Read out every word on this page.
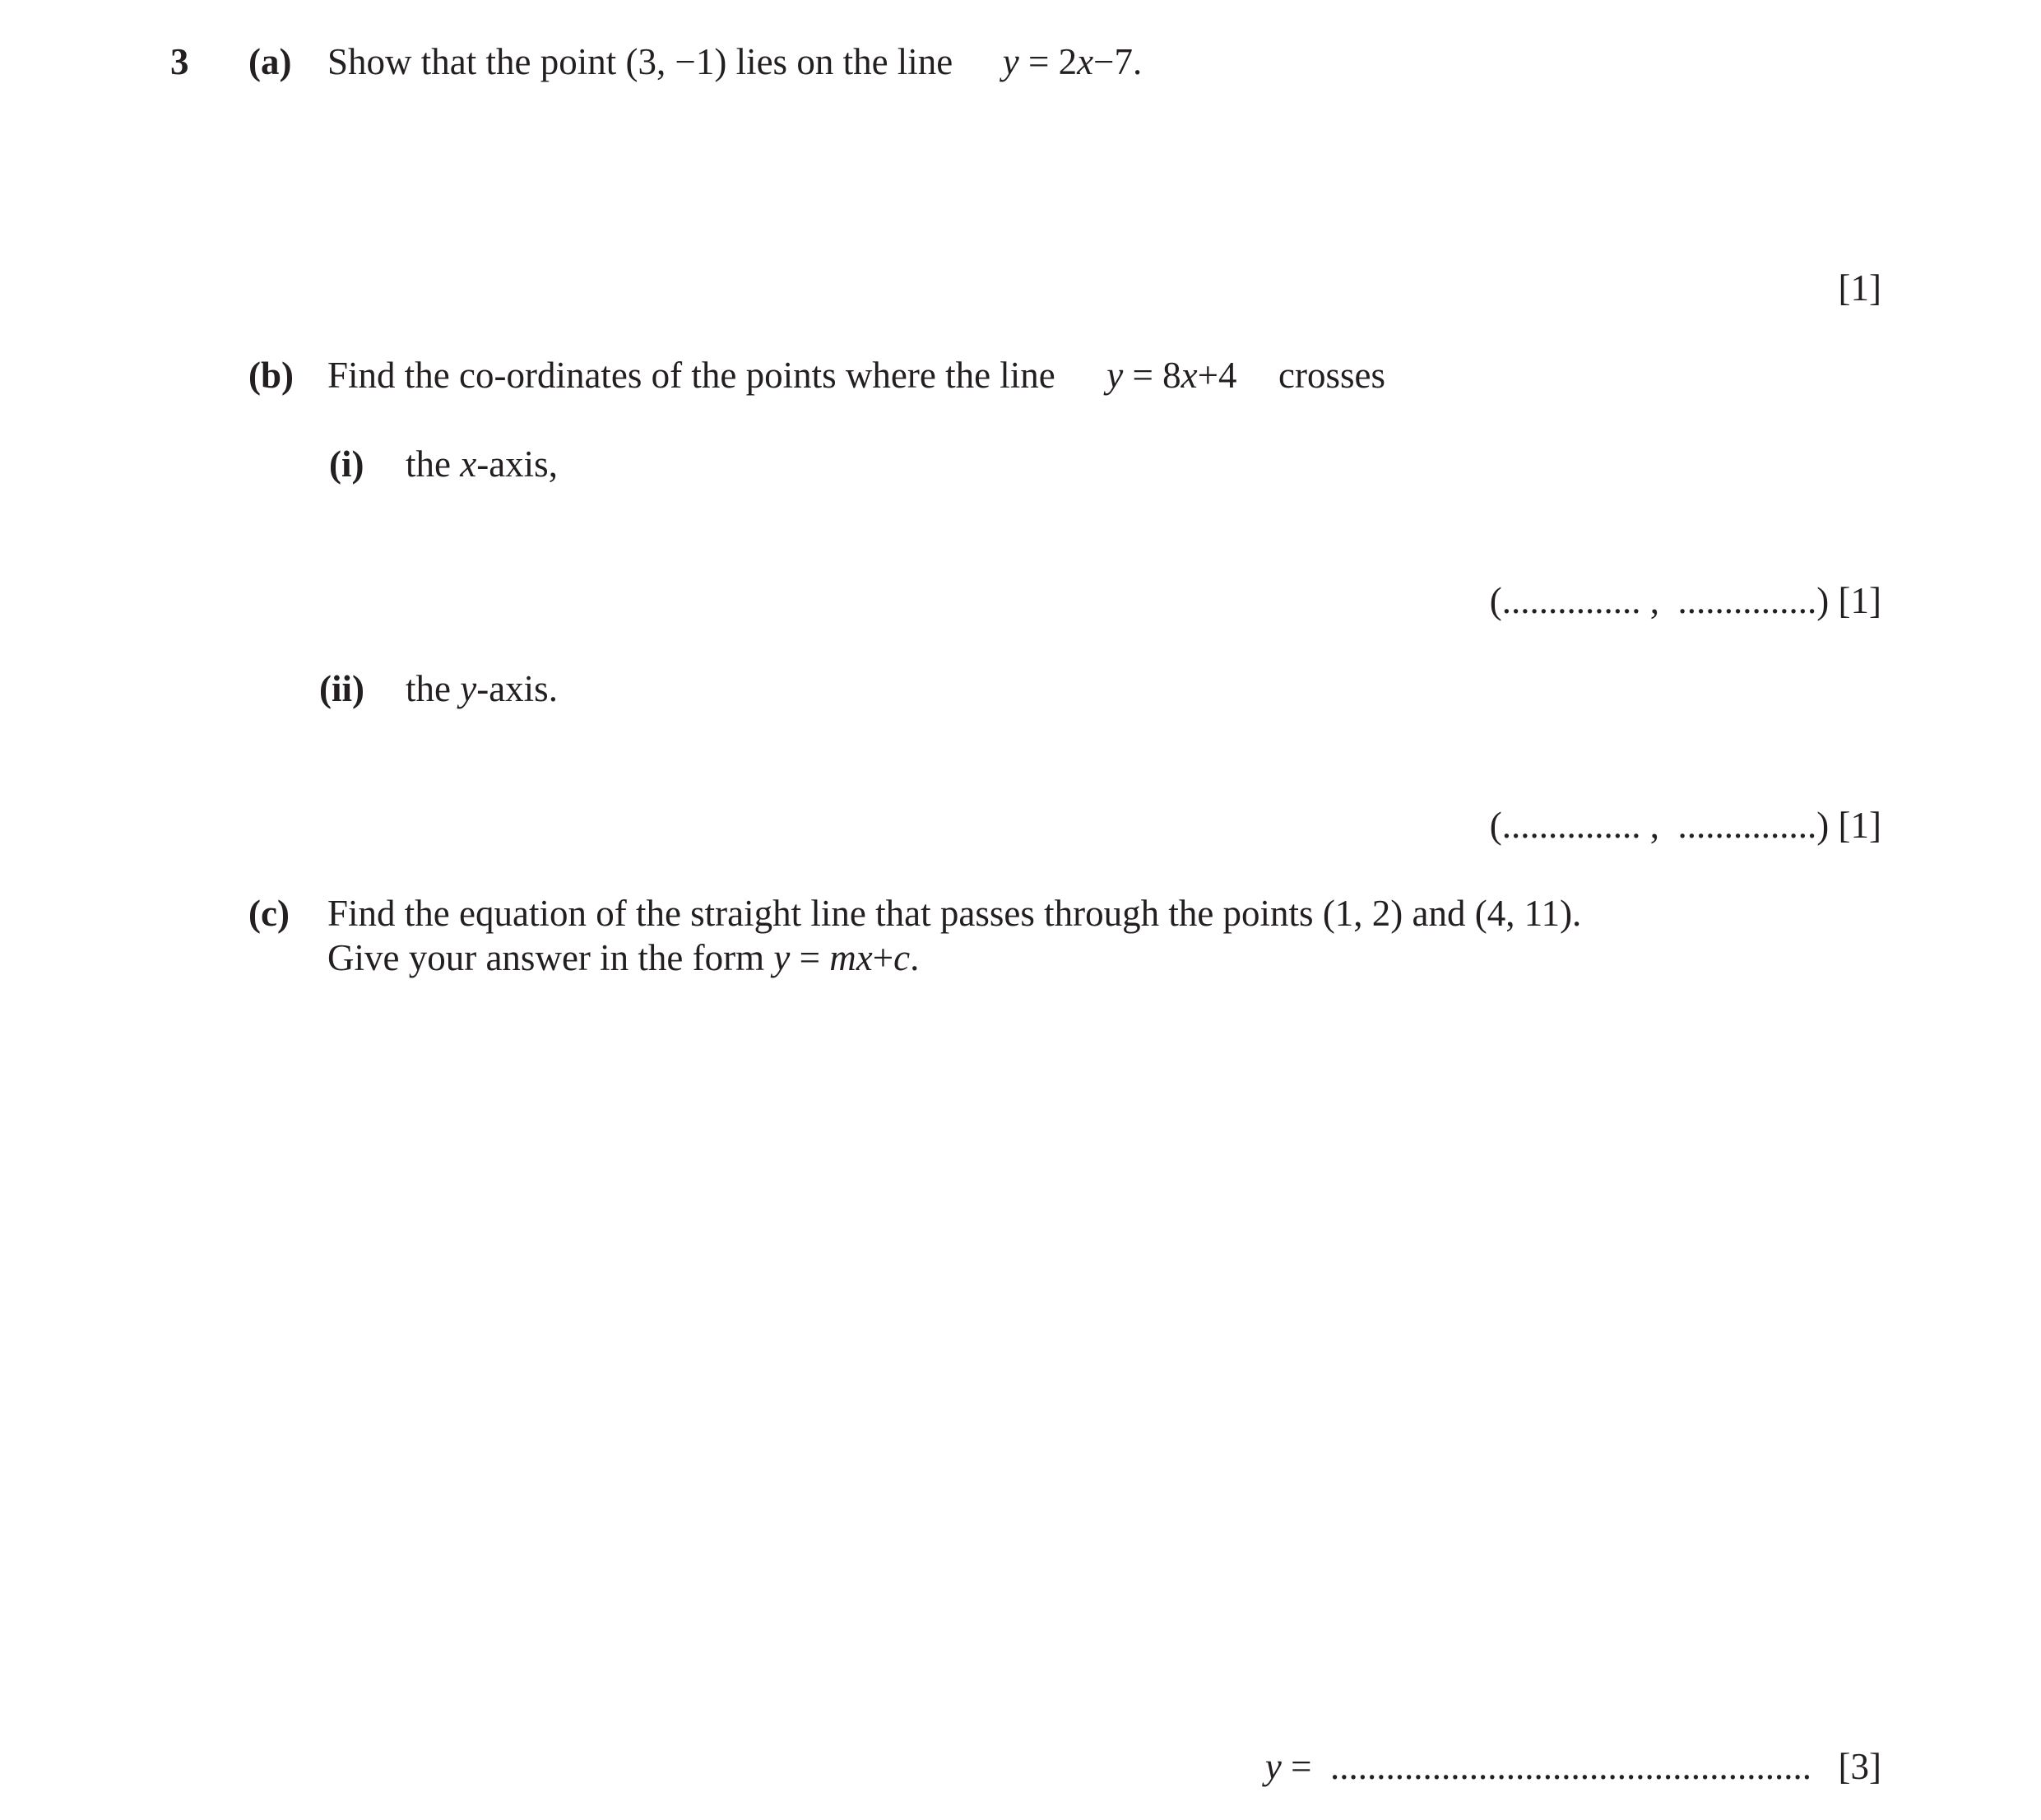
3 (a) Show that the point (3, −1) lies on the line y = 2x−7.
[1]
(b) Find the co-ordinates of the points where the line y = 8x+4 crosses
(i) the x-axis,
(............... ,  ...............) [1]
(ii) the y-axis.
(............... ,  ...............) [1]
(c) Find the equation of the straight line that passes through the points (1, 2) and (4, 11).
Give your answer in the form y = mx+c.
y =  .................................................... [3]
